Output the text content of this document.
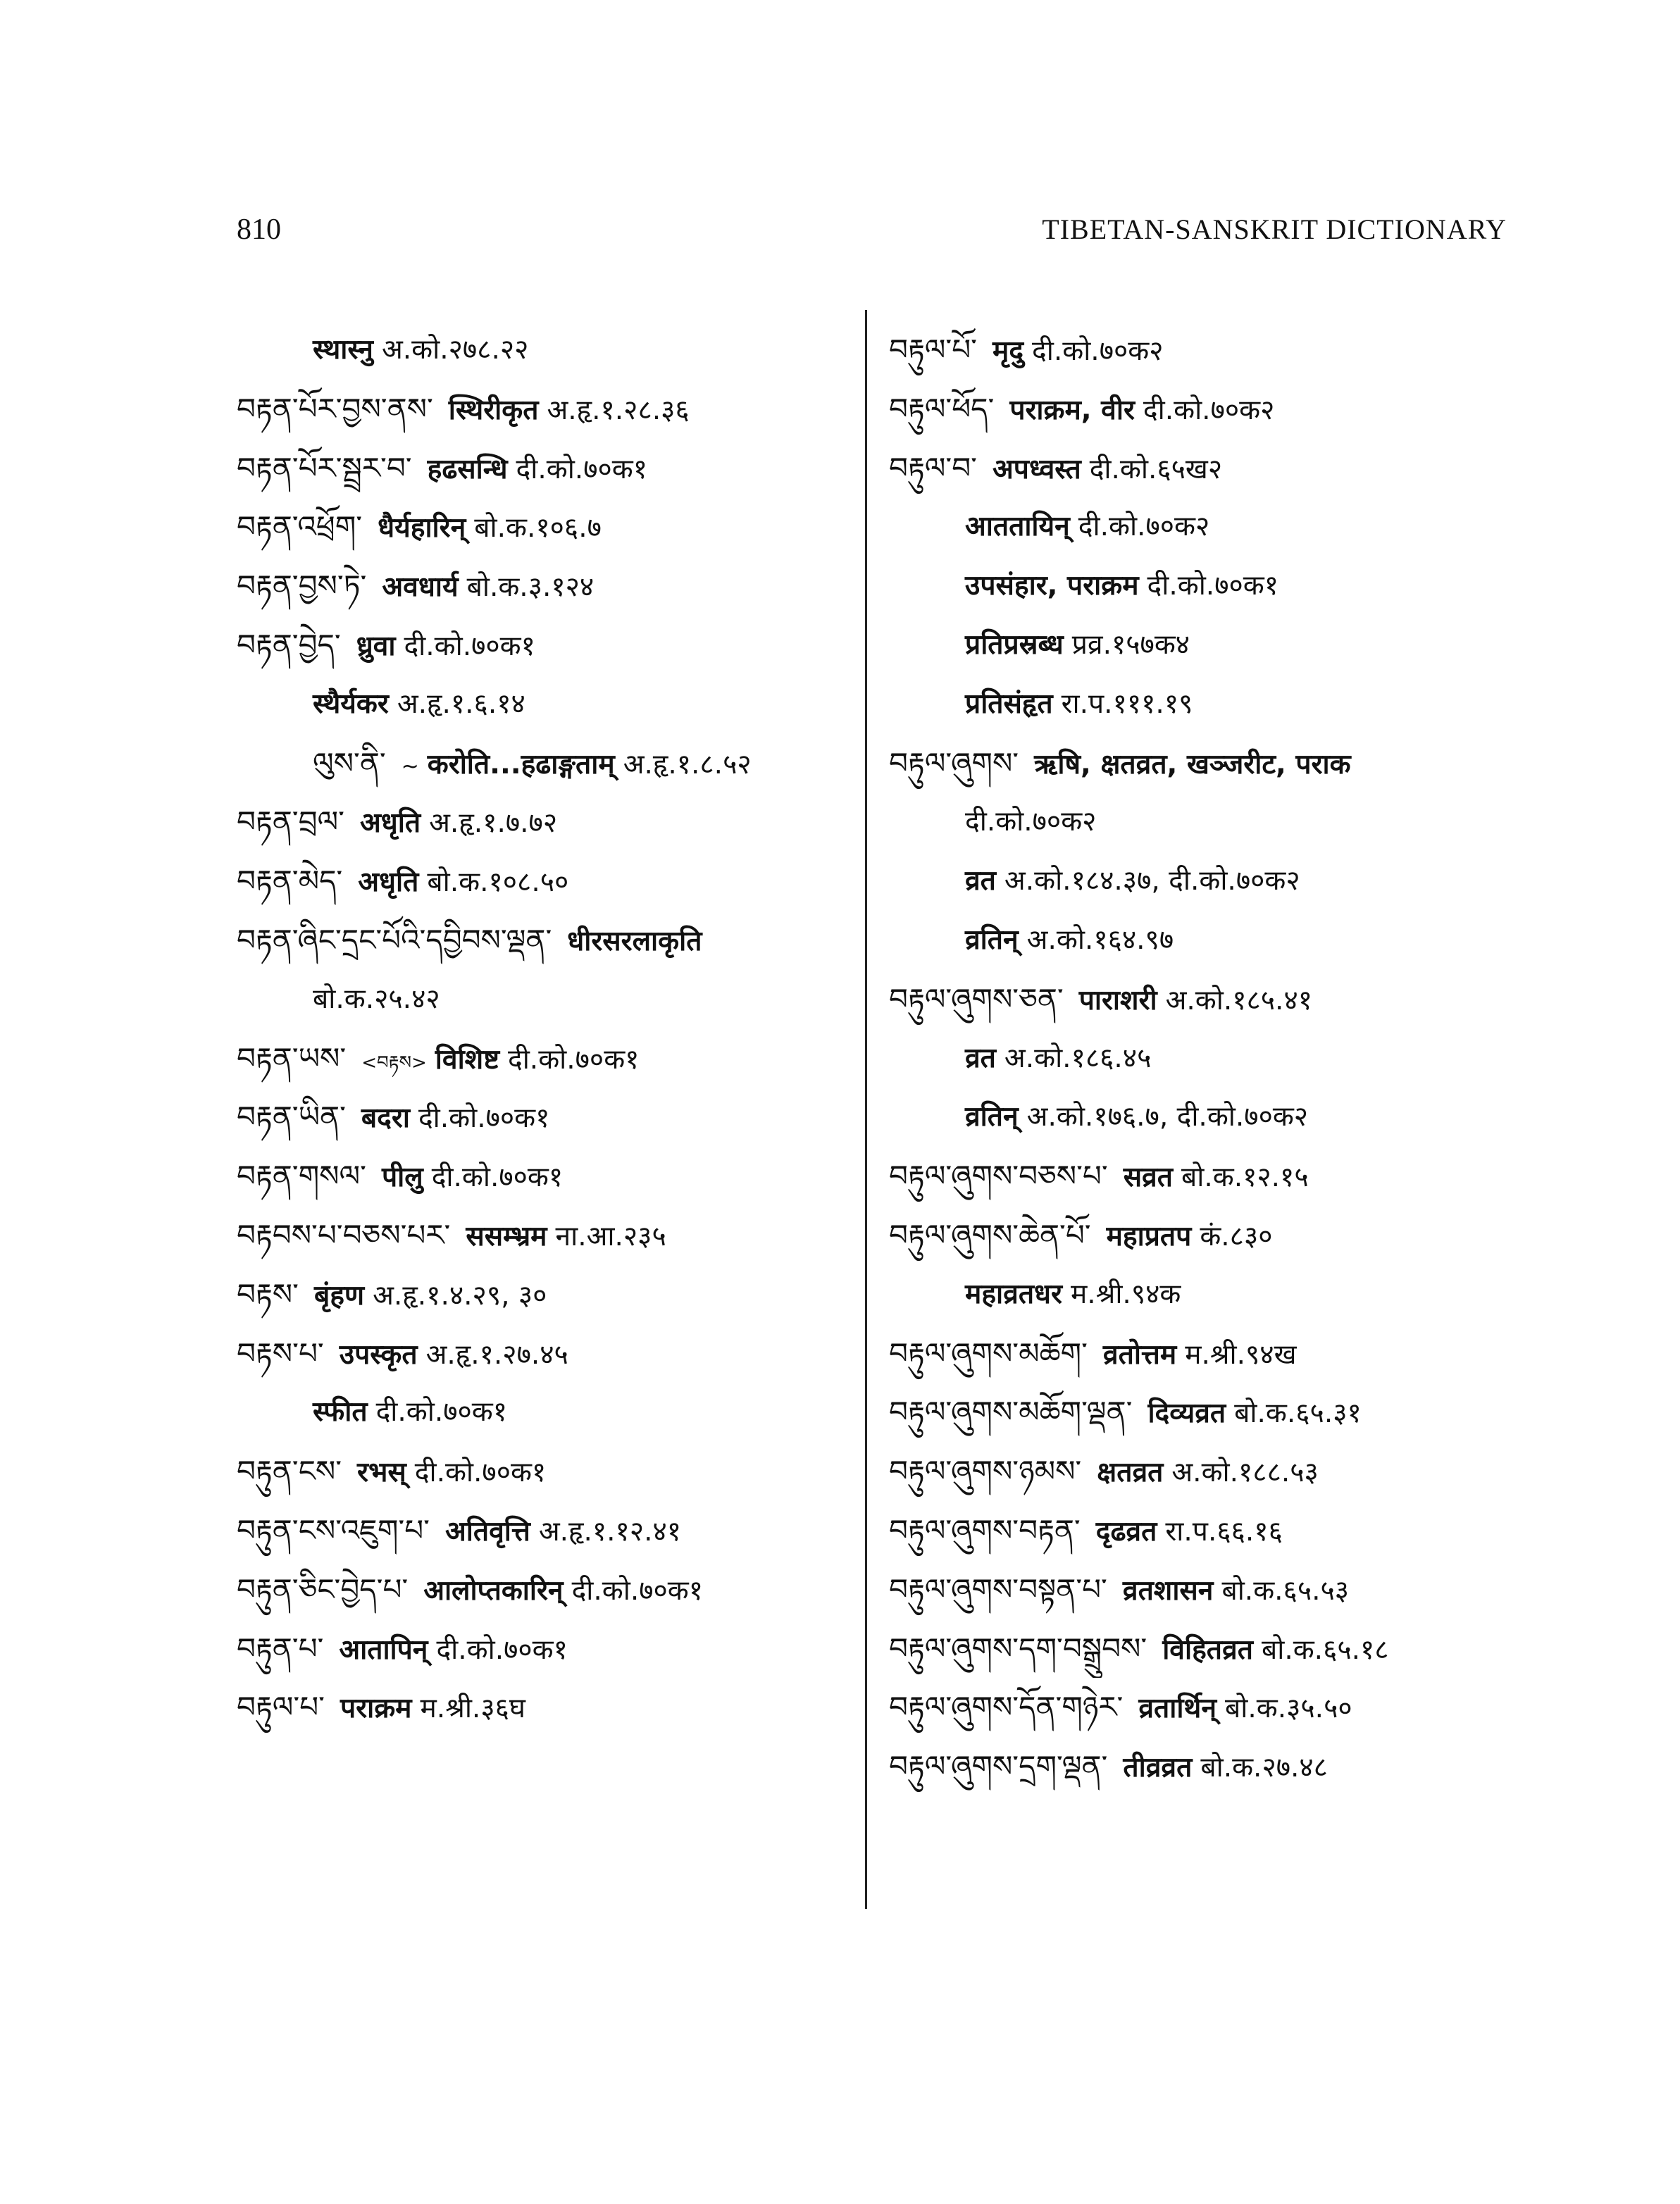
810	TIBETAN-SANSKRIT DICTIONARY
स्थास्नु अ.को.२७८.२२
བརྟན་པོར་བྱས་ནས་ स्थिरीकृत अ.हृ.१.२८.३६
བརྟན་པོར་སྦྲར་བ་ हढसन्धि दी.को.७०क१
བརྟན་འཕྲོག་ धैर्यहारिन् बो.क.१०६.७
བརྟན་བྱས་ཏེ་ अवधार्य बो.क.३.१२४
བརྟན་བྱེད་ ध्रुवा दी.को.७०क१
स्थैर्यकर अ.हृ.१.६.१४
ལུས་ནི་ ~ करोति...हढाङ्गताम् अ.हृ.१.८.५२
བརྟན་བྲལ་ अधृति अ.हृ.१.७.७२
བརྟན་མེད་ अधृति बो.क.१०८.५०
བརྟན་ཞིང་དྲང་པོའི་དབྱིབས་ལྡན་ धीरसरलाकृति
बो.क.२५.४२
བརྟན་ཡས་ <བརྟས> विशिष्ट दी.को.७०क१
བརྟན་ཡིན་ बदरा दी.को.७०क१
བརྟན་གསལ་ पीलु दी.को.७०क१
བརྟབས་པ་བཅས་པར་ ससम्भ्रम ना.आ.२३५
བརྟས་ बृंहण अ.हृ.१.४.२९, ३०
བརྟས་པ་ उपस्कृत अ.हृ.१.२७.४५
स्फीत दी.को.७०क१
བརྟུན་ངས་ रभस् दी.को.७०क१
བརྟུན་ངས་འཇུག་པ་ अतिवृत्ति अ.हृ.१.१२.४१
བརྟུན་ཅིང་བྱེད་པ་ आलोप्तकारिन् दी.को.७०क१
བརྟུན་པ་ आतापिन् दी.को.७०क१
བརྟུལ་པ་ पराक्रम म.श्री.३६घ
བརྟུལ་པོ་ मृदु दी.को.७०क२
བརྟུལ་ཕོད་ पराक्रम, वीर दी.को.७०क२
བརྟུལ་བ་ अपध्वस्त दी.को.६५ख२
आततायिन् दी.को.७०क२
उपसंहार, पराक्रम दी.को.७०क१
प्रतिप्रस्रब्ध प्रव्र.१५७क४
प्रतिसंहृत रा.प.१११.१९
བརྟུལ་ཞུགས་ ऋषि, क्षतव्रत, खञ्जरीट, पराक
दी.को.७०क२
व्रत अ.को.१८४.३७, दी.को.७०क२
व्रतिन् अ.को.१६४.९७
བརྟུལ་ཞུགས་ཅན་ पाराशरी अ.को.१८५.४१
व्रत अ.को.१८६.४५
व्रतिन् अ.को.१७६.७, दी.को.७०क२
བརྟུལ་ཞུགས་བཅས་པ་ सव्रत बो.क.१२.१५
བརྟུལ་ཞུགས་ཆེན་པོ་ महाप्रतप कं.८३०
महाव्रतधर म.श्री.९४क
བརྟུལ་ཞུགས་མཆོག་ व्रतोत्तम म.श्री.९४ख
བརྟུལ་ཞུགས་མཆོག་ལྡན་ दिव्यव्रत बो.क.६५.३१
བརྟུལ་ཞུགས་ཉམས་ क्षतव्रत अ.को.१८८.५३
བརྟུལ་ཞུགས་བརྟན་ दृढव्रत रा.प.६६.१६
བརྟུལ་ཞུགས་བསྟན་པ་ व्रतशासन बो.क.६५.५३
བརྟུལ་ཞུགས་དག་བསྒྲུབས་ विहितव्रत बो.क.६५.१८
བརྟུལ་ཞུགས་དོན་གཉེར་ व्रतार्थिन् बो.क.३५.५०
བརྟུལ་ཞུགས་དྲག་ལྡན་ तीव्रव्रत बो.क.२७.४८
